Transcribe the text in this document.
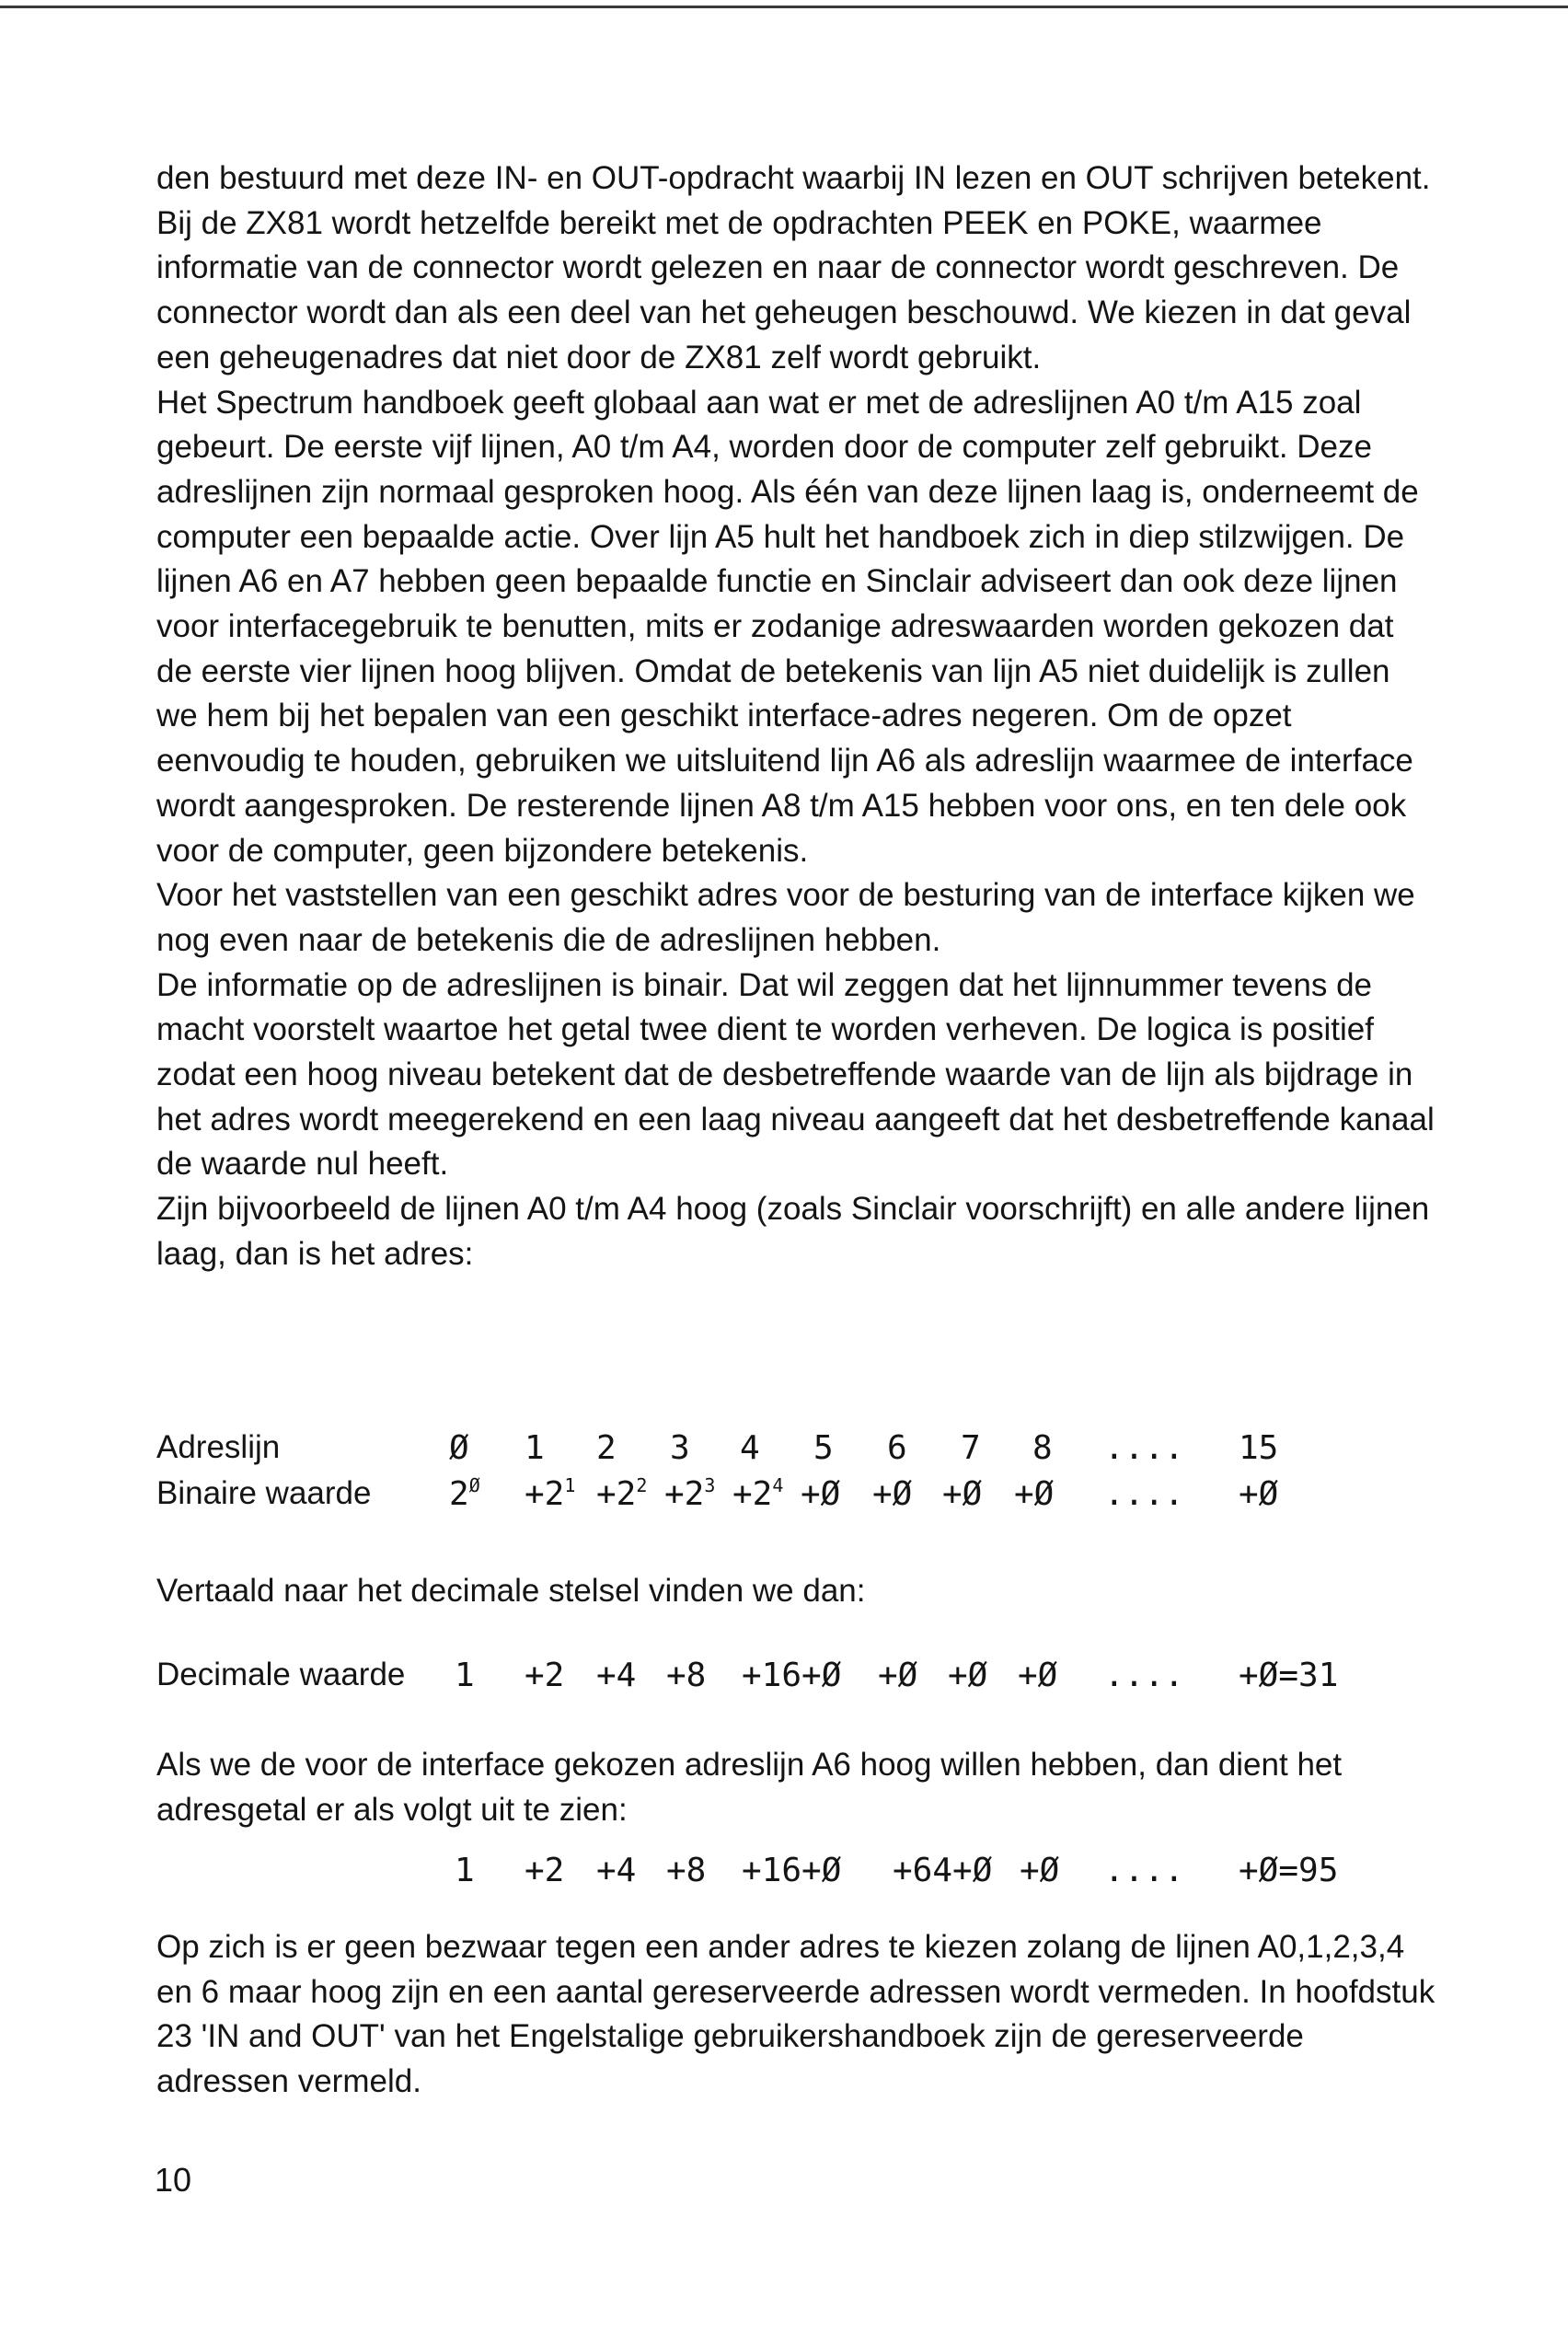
den bestuurd met deze IN- en OUT-opdracht waarbij IN lezen en OUT schrijven betekent. Bij de ZX81 wordt hetzelfde bereikt met de opdrachten PEEK en POKE, waarmee informatie van de connector wordt gelezen en naar de connector wordt geschreven. De connector wordt dan als een deel van het geheugen beschouwd. We kiezen in dat geval een geheugenadres dat niet door de ZX81 zelf wordt gebruikt.

Het Spectrum handboek geeft globaal aan wat er met de adreslijnen A0 t/m A15 zoal gebeurt. De eerste vijf lijnen, A0 t/m A4, worden door de computer zelf gebruikt. Deze adreslijnen zijn normaal gesproken hoog. Als één van deze lijnen laag is, onderneemt de computer een bepaalde actie. Over lijn A5 hult het handboek zich in diep stilzwijgen. De lijnen A6 en A7 hebben geen bepaalde functie en Sinclair adviseert dan ook deze lijnen voor interfacegebruik te benutten, mits er zodanige adreswaarden worden gekozen dat de eerste vier lijnen hoog blijven. Omdat de betekenis van lijn A5 niet duidelijk is zullen we hem bij het bepalen van een geschikt interface-adres negeren. Om de opzet eenvoudig te houden, gebruiken we uitsluitend lijn A6 als adreslijn waarmee de interface wordt aangesproken. De resterende lijnen A8 t/m A15 hebben voor ons, en ten dele ook voor de computer, geen bijzondere betekenis.

Voor het vaststellen van een geschikt adres voor de besturing van de interface kijken we nog even naar de betekenis die de adreslijnen hebben.

De informatie op de adreslijnen is binair. Dat wil zeggen dat het lijnnummer tevens de macht voorstelt waartoe het getal twee dient te worden verheven. De logica is positief zodat een hoog niveau betekent dat de desbetreffende waarde van de lijn als bijdrage in het adres wordt meegerekend en een laag niveau aangeeft dat het desbetreffende kanaal de waarde nul heeft.

Zijn bijvoorbeeld de lijnen A0 t/m A4 hoog (zoals Sinclair voorschrijft) en alle andere lijnen laag, dan is het adres:

Adreslijn	Ø 1 2 3 4 5 6 7 8 .... 15
Binaire waarde $2^Ø +2^1 +2^2 +2^3 +2^4$ +Ø +Ø +Ø +Ø .... +Ø

Vertaald naar het decimale stelsel vinden we dan:

Decimale waarde 1 +2 +4 +8 +16+Ø +Ø +Ø +Ø .... +Ø=31

Als we de voor de interface gekozen adreslijn A6 hoog willen hebben, dan dient het adresgetal er als volgt uit te zien:

1 +2 +4 +8 +16+Ø +64+Ø +Ø .... +Ø=95

Op zich is er geen bezwaar tegen een ander adres te kiezen zolang de lijnen A0,1,2,3,4 en 6 maar hoog zijn en een aantal gereserveerde adressen wordt vermeden. In hoofdstuk 23 'IN and OUT' van het Engelstalige gebruikershandboek zijn de gereserveerde adressen vermeld.

10
